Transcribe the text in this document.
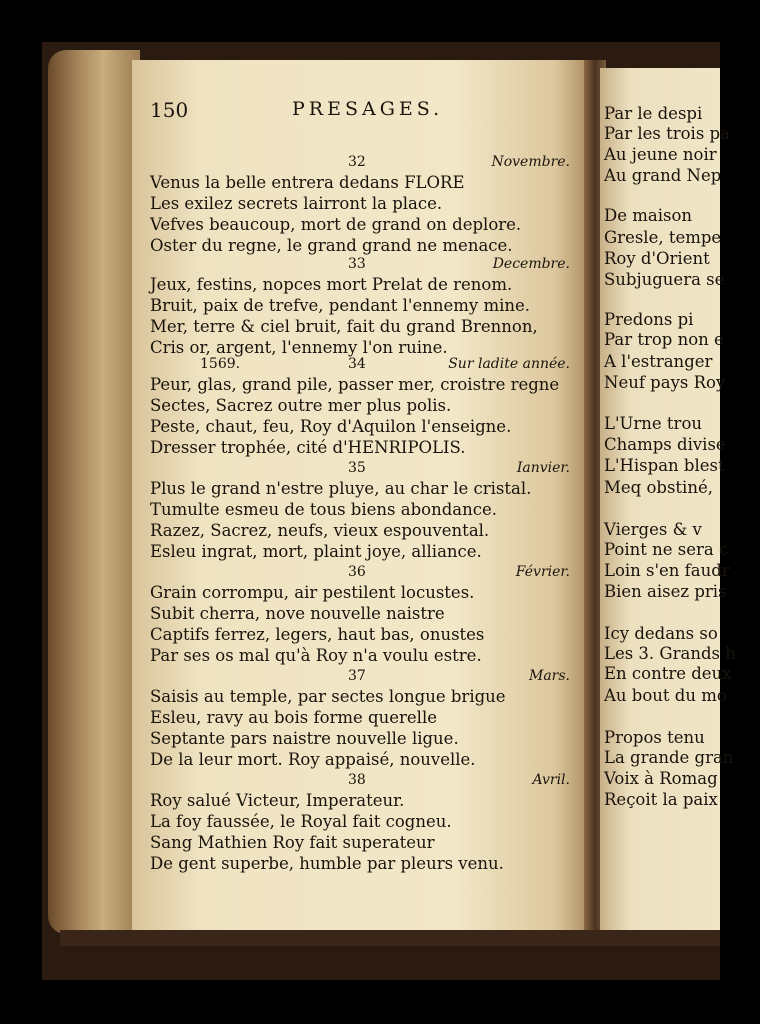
Par le despi
Par les trois pa
Au jeune noir
Au grand Nep
De maison
Gresle, tempe
Roy d'Orient
Subjuguera se
Predons pi
Par trop non e
A l'estranger
Neuf pays Roy
L'Urne trou
Champs divise
L'Hispan blest
Meq obstiné,
Vierges & v
Point ne sera c
Loin s'en faudr
Bien aisez pris
Icy dedans so
Les 3. Grands h
En contre deux
Au bout du mo
Propos tenu
La grande gran
Voix à Romag
Reçoit la paix
150	PRESAGES.
32	Novembre.
Venus la belle entrera dedans FLORE
Les exilez secrets lairront la place.
Vefves beaucoup, mort de grand on deplore.
Oster du regne, le grand grand ne menace.
33	Decembre.
Jeux, festins, nopces mort Prelat de renom.
Bruit, paix de trefve, pendant l'ennemy mine.
Mer, terre & ciel bruit, fait du grand Brennon,
Cris or, argent, l'ennemy l'on ruine.
1569.	34	Sur ladite année.
Peur, glas, grand pile, passer mer, croistre regne
Sectes, Sacrez outre mer plus polis.
Peste, chaut, feu, Roy d'Aquilon l'enseigne.
Dresser trophée, cité d'HENRIPOLIS.
35	Ianvier.
Plus le grand n'estre pluye, au char le cristal.
Tumulte esmeu de tous biens abondance.
Razez, Sacrez, neufs, vieux espouvental.
Esleu ingrat, mort, plaint joye, alliance.
36	Février.
Grain corrompu, air pestilent locustes.
Subit cherra, nove nouvelle naistre
Captifs ferrez, legers, haut bas, onustes
Par ses os mal qu'à Roy n'a voulu estre.
37	Mars.
Saisis au temple, par sectes longue brigue
Esleu, ravy au bois forme querelle
Septante pars naistre nouvelle ligue.
De la leur mort. Roy appaisé, nouvelle.
38	Avril.
Roy salué Victeur, Imperateur.
La foy faussée, le Royal fait cogneu.
Sang Mathien Roy fait superateur
De gent superbe, humble par pleurs venu.
